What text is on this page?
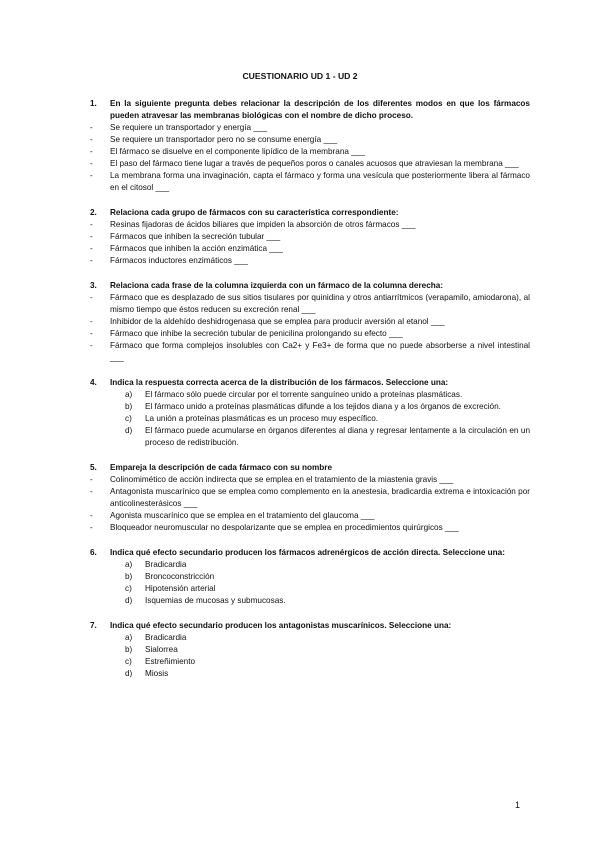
CUESTIONARIO UD 1 - UD 2
1. En la siguiente pregunta debes relacionar la descripción de los diferentes modos en que los fármacos pueden atravesar las membranas biológicas con el nombre de dicho proceso.
- Se requiere un transportador y energía ___
- Se requiere un transportador pero no se consume energía ___
- El fármaco se disuelve en el componente lipídico de la membrana ___
- El paso del fármaco tiene lugar a través de pequeños poros o canales acuosos que atraviesan la membrana ___
- La membrana forma una invaginación, capta el fármaco y forma una vesícula que posteriormente libera al fármaco en el citosol ___
2. Relaciona cada grupo de fármacos con su característica correspondiente:
- Resinas fijadoras de ácidos biliares que impiden la absorción de otros fármacos ___
- Fármacos que inhiben la secreción tubular ___
- Fármacos que inhiben la acción enzimática ___
- Fármacos inductores enzimáticos ___
3. Relaciona cada frase de la columna izquierda con un fármaco de la columna derecha:
- Fármaco que es desplazado de sus sitios tisulares por quinidina y otros antiarrítmicos (verapamilo, amiodarona), al mismo tiempo que éstos reducen su excreción renal ___
- Inhibidor de la aldehído deshidrogenasa que se emplea para producir aversión al etanol ___
- Fármaco que inhibe la secreción tubular de penicilina prolongando su efecto ___
- Fármaco que forma complejos insolubles con Ca2+ y Fe3+ de forma que no puede absorberse a nivel intestinal ___
4. Indica la respuesta correcta acerca de la distribución de los fármacos. Seleccione una:
a) El fármaco sólo puede circular por el torrente sanguíneo unido a proteínas plasmáticas.
b) El fármaco unido a proteínas plasmáticas difunde a los tejidos diana y a los órganos de excreción.
c) La unión a proteínas plasmáticas es un proceso muy específico.
d) El fármaco puede acumularse en órganos diferentes al diana y regresar lentamente a la circulación en un proceso de redistribución.
5. Empareja la descripción de cada fármaco con su nombre
- Colinomimético de acción indirecta que se emplea en el tratamiento de la miastenia gravis ___
- Antagonista muscarínico que se emplea como complemento en la anestesia, bradicardia extrema e intoxicación por anticolinesterásicos ___
- Agonista muscarínico que se emplea en el tratamiento del glaucoma ___
- Bloqueador neuromuscular no despolarizante que se emplea en procedimientos quirúrgicos ___
6. Indica qué efecto secundario producen los fármacos adrenérgicos de acción directa. Seleccione una:
a) Bradicardia
b) Broncoconstricción
c) Hipotensión arterial
d) Isquemias de mucosas y submucosas.
7. Indica qué efecto secundario producen los antagonistas muscarínicos. Seleccione una:
a) Bradicardia
b) Sialorrea
c) Estreñimiento
d) Miosis
1
